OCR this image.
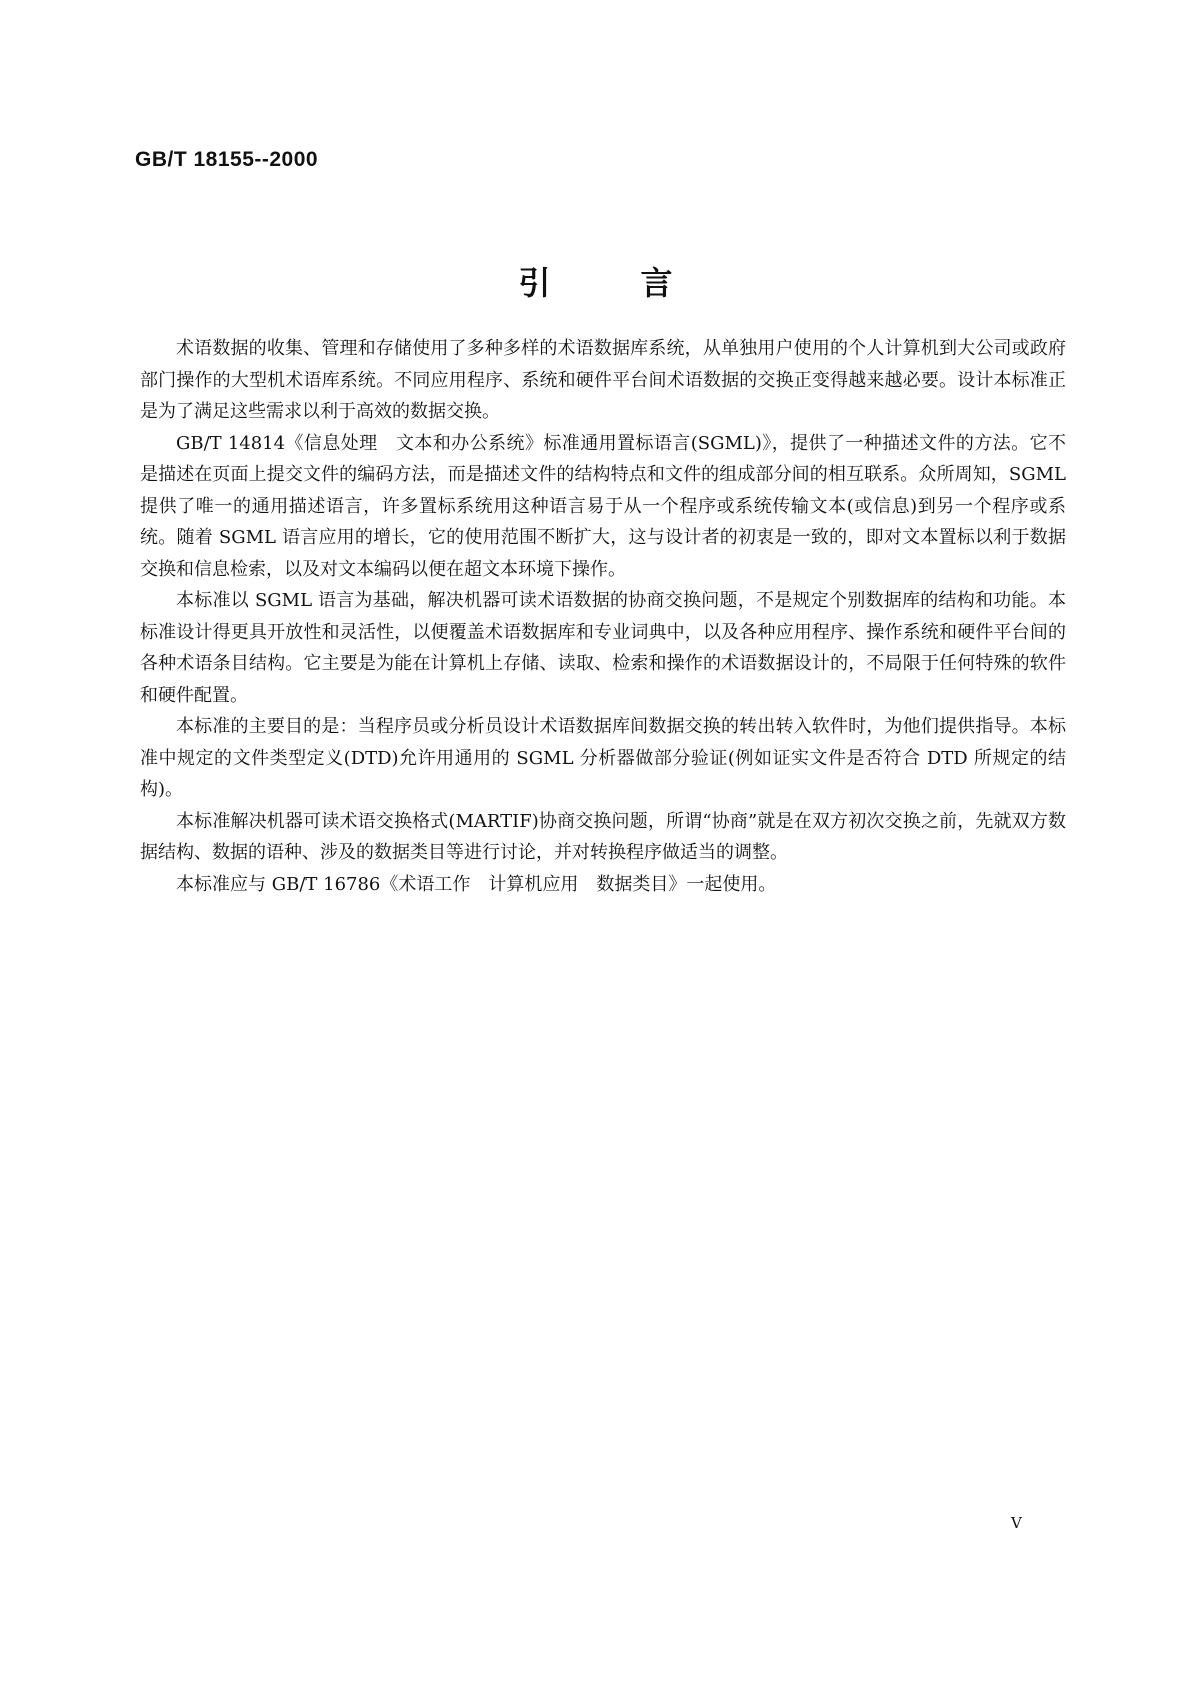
GB/T 18155--2000

引言

术语数据的收集、管理和存储使用了多种多样的术语数据库系统，从单独用户使用的个人计算机到大公司或政府部门操作的大型机术语库系统。不同应用程序、系统和硬件平台间术语数据的交换正变得越来越必要。设计本标准正是为了满足这些需求以利于高效的数据交换。

GB/T 14814《信息处理　文本和办公系统》标准通用置标语言(SGML)》，提供了一种描述文件的方法。它不是描述在页面上提交文件的编码方法，而是描述文件的结构特点和文件的组成部分间的相互联系。众所周知，SGML 提供了唯一的通用描述语言，许多置标系统用这种语言易于从一个程序或系统传输文本(或信息)到另一个程序或系统。随着 SGML 语言应用的增长，它的使用范围不断扩大，这与设计者的初衷是一致的，即对文本置标以利于数据交换和信息检索，以及对文本编码以便在超文本环境下操作。

本标准以 SGML 语言为基础，解决机器可读术语数据的协商交换问题，不是规定个别数据库的结构和功能。本标准设计得更具开放性和灵活性，以便覆盖术语数据库和专业词典中，以及各种应用程序、操作系统和硬件平台间的各种术语条目结构。它主要是为能在计算机上存储、读取、检索和操作的术语数据设计的，不局限于任何特殊的软件和硬件配置。

本标准的主要目的是：当程序员或分析员设计术语数据库间数据交换的转出转入软件时，为他们提供指导。本标准中规定的文件类型定义(DTD)允许用通用的 SGML 分析器做部分验证(例如证实文件是否符合 DTD 所规定的结构)。

本标准解决机器可读术语交换格式(MARTIF)协商交换问题，所谓“协商”就是在双方初次交换之前，先就双方数据结构、数据的语种、涉及的数据类目等进行讨论，并对转换程序做适当的调整。

本标准应与 GB/T 16786《术语工作　计算机应用　数据类目》一起使用。

V
